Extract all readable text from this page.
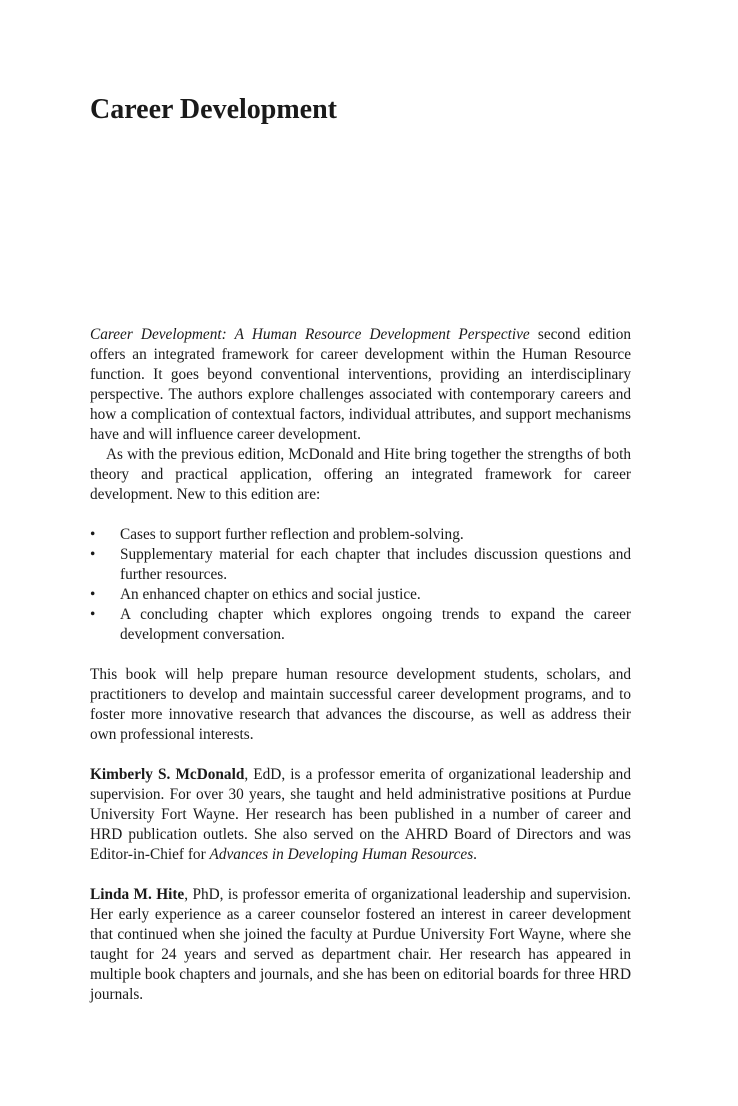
Career Development

Career Development: A Human Resource Development Perspective second edition offers an integrated framework for career development within the Human Resource function. It goes beyond conventional interventions, providing an interdisciplinary perspective. The authors explore challenges associated with contemporary careers and how a complication of contextual factors, individual attributes, and support mechanisms have and will influence career development.

As with the previous edition, McDonald and Hite bring together the strengths of both theory and practical application, offering an integrated framework for career development. New to this edition are:

• Cases to support further reflection and problem-solving.
• Supplementary material for each chapter that includes discussion questions and further resources.
• An enhanced chapter on ethics and social justice.
• A concluding chapter which explores ongoing trends to expand the career development conversation.

This book will help prepare human resource development students, scholars, and practitioners to develop and maintain successful career development programs, and to foster more innovative research that advances the discourse, as well as address their own professional interests.

Kimberly S. McDonald, EdD, is a professor emerita of organizational leadership and supervision. For over 30 years, she taught and held administrative positions at Purdue University Fort Wayne. Her research has been published in a number of career and HRD publication outlets. She also served on the AHRD Board of Directors and was Editor-in-Chief for Advances in Developing Human Resources.

Linda M. Hite, PhD, is professor emerita of organizational leadership and supervision. Her early experience as a career counselor fostered an interest in career development that continued when she joined the faculty at Purdue University Fort Wayne, where she taught for 24 years and served as department chair. Her research has appeared in multiple book chapters and journals, and she has been on editorial boards for three HRD journals.
